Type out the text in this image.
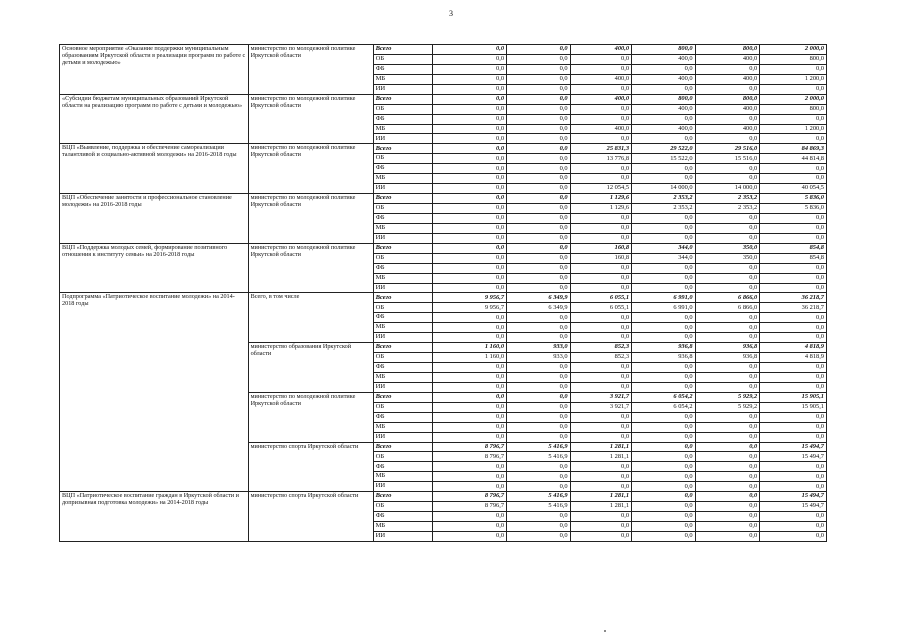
3
Основное мероприятие «Оказание поддержки муниципальным образованиям Иркутской области в реализации программ по работе с детьми и молодежью»	министерство по молодежной политике Иркутской области	Всего	0,0	0,0	400,0	800,0	800,0	2 000,0
		ОБ	0,0	0,0	0,0	400,0	400,0	800,0
		ФБ	0,0	0,0	0,0	0,0	0,0	0,0
		МБ	0,0	0,0	400,0	400,0	400,0	1 200,0
		ИИ	0,0	0,0	0,0	0,0	0,0	0,0
«Субсидии бюджетам муниципальных образований Иркутской области на реализацию программ по работе с детьми и молодежью»	министерство по молодежной политике Иркутской области	Всего	0,0	0,0	400,0	800,0	800,0	2 000,0
		ОБ	0,0	0,0	0,0	400,0	400,0	800,0
		ФБ	0,0	0,0	0,0	0,0	0,0	0,0
		МБ	0,0	0,0	400,0	400,0	400,0	1 200,0
		ИИ	0,0	0,0	0,0	0,0	0,0	0,0
ВЦП «Выявление, поддержка и обеспечение самореализации талантливой и социально-активной молодежи» на 2016-2018 годы	министерство по молодежной политике Иркутской области	Всего	0,0	0,0	25 831,3	29 522,0	29 516,0	84 869,3
		ОБ	0,0	0,0	13 776,8	15 522,0	15 516,0	44 814,8
		ФБ	0,0	0,0	0,0	0,0	0,0	0,0
		МБ	0,0	0,0	0,0	0,0	0,0	0,0
		ИИ	0,0	0,0	12 054,5	14 000,0	14 000,0	40 054,5
ВЦП «Обеспечение занятости и профессиональное становление молодежи» на 2016-2018 годы	министерство по молодежной политике Иркутской области	Всего	0,0	0,0	1 129,6	2 353,2	2 353,2	5 836,0
		ОБ	0,0	0,0	1 129,6	2 353,2	2 353,2	5 836,0
		ФБ	0,0	0,0	0,0	0,0	0,0	0,0
		МБ	0,0	0,0	0,0	0,0	0,0	0,0
		ИИ	0,0	0,0	0,0	0,0	0,0	0,0
ВЦП «Поддержка молодых семей, формирование позитивного отношения к институту семьи» на 2016-2018 годы	министерство по молодежной политике Иркутской области	Всего	0,0	0,0	160,8	344,0	350,0	854,8
		ОБ	0,0	0,0	160,8	344,0	350,0	854,8
		ФБ	0,0	0,0	0,0	0,0	0,0	0,0
		МБ	0,0	0,0	0,0	0,0	0,0	0,0
		ИИ	0,0	0,0	0,0	0,0	0,0	0,0
Подпрограмма «Патриотическое воспитание молодежи» на 2014-2018 годы	Всего, в том числе	Всего	9 956,7	6 349,9	6 055,1	6 991,0	6 866,0	36 218,7
		ОБ	9 956,7	6 349,9	6 055,1	6 991,0	6 866,0	36 218,7
		ФБ	0,0	0,0	0,0	0,0	0,0	0,0
		МБ	0,0	0,0	0,0	0,0	0,0	0,0
		ИИ	0,0	0,0	0,0	0,0	0,0	0,0
	министерство образования Иркутской области	Всего	1 160,0	933,0	852,3	936,8	936,8	4 818,9
		ОБ	1 160,0	933,0	852,3	936,8	936,8	4 818,9
		ФБ	0,0	0,0	0,0	0,0	0,0	0,0
		МБ	0,0	0,0	0,0	0,0	0,0	0,0
		ИИ	0,0	0,0	0,0	0,0	0,0	0,0
	министерство по молодежной политике Иркутской области	Всего	0,0	0,0	3 921,7	6 054,2	5 929,2	15 905,1
		ОБ	0,0	0,0	3 921,7	6 054,2	5 929,2	15 905,1
		ФБ	0,0	0,0	0,0	0,0	0,0	0,0
		МБ	0,0	0,0	0,0	0,0	0,0	0,0
		ИИ	0,0	0,0	0,0	0,0	0,0	0,0
	министерство спорта Иркутской области	Всего	8 796,7	5 416,9	1 281,1	0,0	0,0	15 494,7
		ОБ	8 796,7	5 416,9	1 281,1	0,0	0,0	15 494,7
		ФБ	0,0	0,0	0,0	0,0	0,0	0,0
		МБ	0,0	0,0	0,0	0,0	0,0	0,0
		ИИ	0,0	0,0	0,0	0,0	0,0	0,0
ВЦП «Патриотическое воспитание граждан в Иркутской области и допризывная подготовка молодежи» на 2014-2018 годы	министерство спорта Иркутской области	Всего	8 796,7	5 416,9	1 281,1	0,0	0,0	15 494,7
		ОБ	8 796,7	5 416,9	1 281,1	0,0	0,0	15 494,7
		ФБ	0,0	0,0	0,0	0,0	0,0	0,0
		МБ	0,0	0,0	0,0	0,0	0,0	0,0
		ИИ	0,0	0,0	0,0	0,0	0,0	0,0
